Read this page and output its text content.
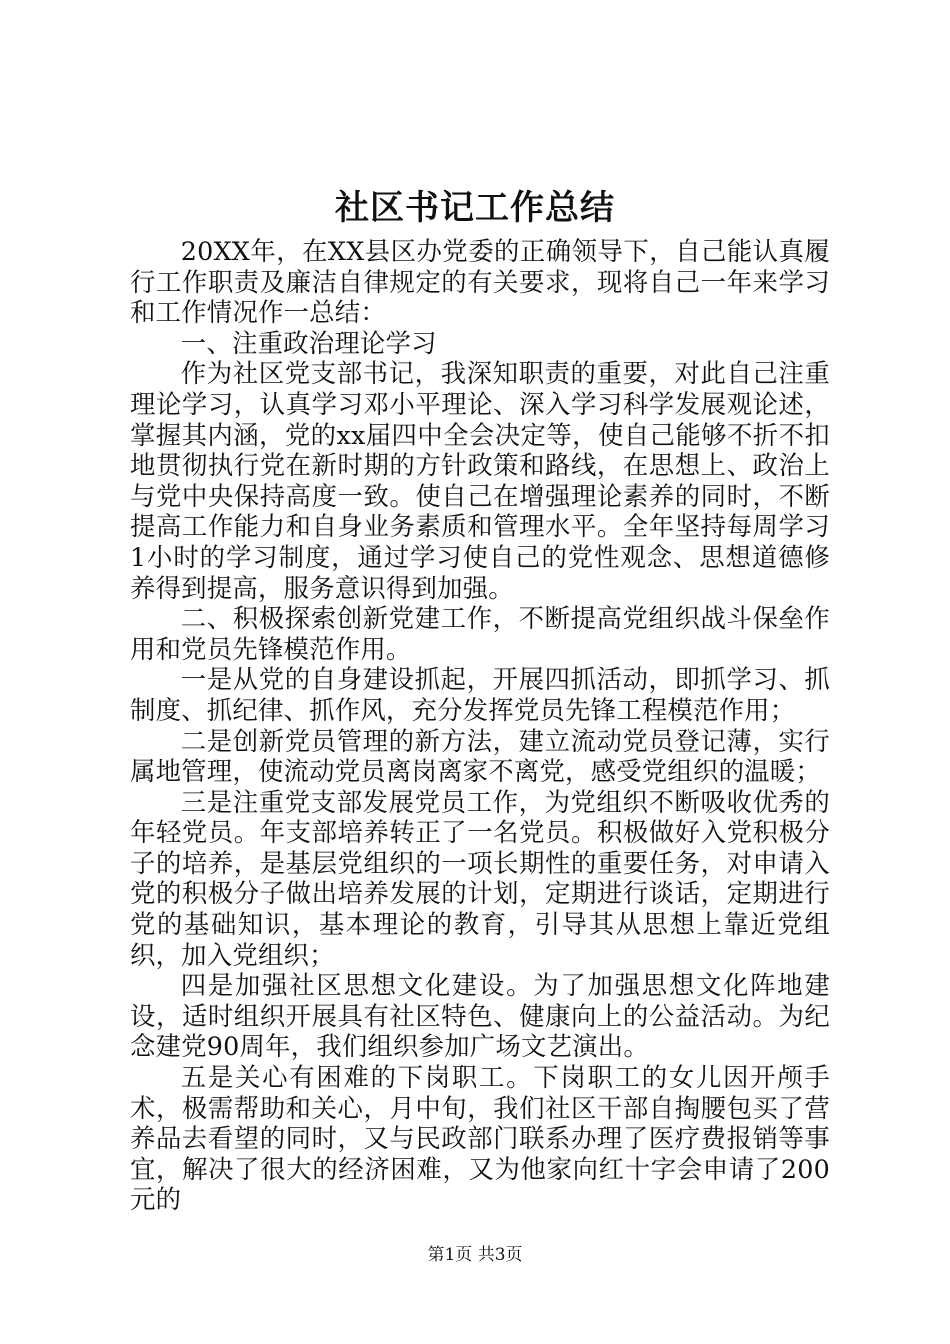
社区书记工作总结

20XX年，在XX县区办党委的正确领导下，自己能认真履行工作职责及廉洁自律规定的有关要求，现将自己一年来学习和工作情况作一总结：

一、注重政治理论学习

作为社区党支部书记，我深知职责的重要，对此自己注重理论学习，认真学习邓小平理论、深入学习科学发展观论述，掌握其内涵，党的xx届四中全会决定等，使自己能够不折不扣地贯彻执行党在新时期的方针政策和路线，在思想上、政治上与党中央保持高度一致。使自己在增强理论素养的同时，不断提高工作能力和自身业务素质和管理水平。全年坚持每周学习1小时的学习制度，通过学习使自己的党性观念、思想道德修养得到提高，服务意识得到加强。

二、积极探索创新党建工作，不断提高党组织战斗保垒作用和党员先锋模范作用。

一是从党的自身建设抓起，开展四抓活动，即抓学习、抓制度、抓纪律、抓作风，充分发挥党员先锋工程模范作用；

二是创新党员管理的新方法，建立流动党员登记薄，实行属地管理，使流动党员离岗离家不离党，感受党组织的温暖；

三是注重党支部发展党员工作，为党组织不断吸收优秀的年轻党员。年支部培养转正了一名党员。积极做好入党积极分子的培养，是基层党组织的一项长期性的重要任务，对申请入党的积极分子做出培养发展的计划，定期进行谈话，定期进行党的基础知识，基本理论的教育，引导其从思想上靠近党组织，加入党组织；

四是加强社区思想文化建设。为了加强思想文化阵地建设，适时组织开展具有社区特色、健康向上的公益活动。为纪念建党90周年，我们组织参加广场文艺演出。

五是关心有困难的下岗职工。下岗职工的女儿因开颅手术，极需帮助和关心，月中旬，我们社区干部自掏腰包买了营养品去看望的同时，又与民政部门联系办理了医疗费报销等事宜，解决了很大的经济困难，又为他家向红十字会申请了200元的

第1页 共3页
